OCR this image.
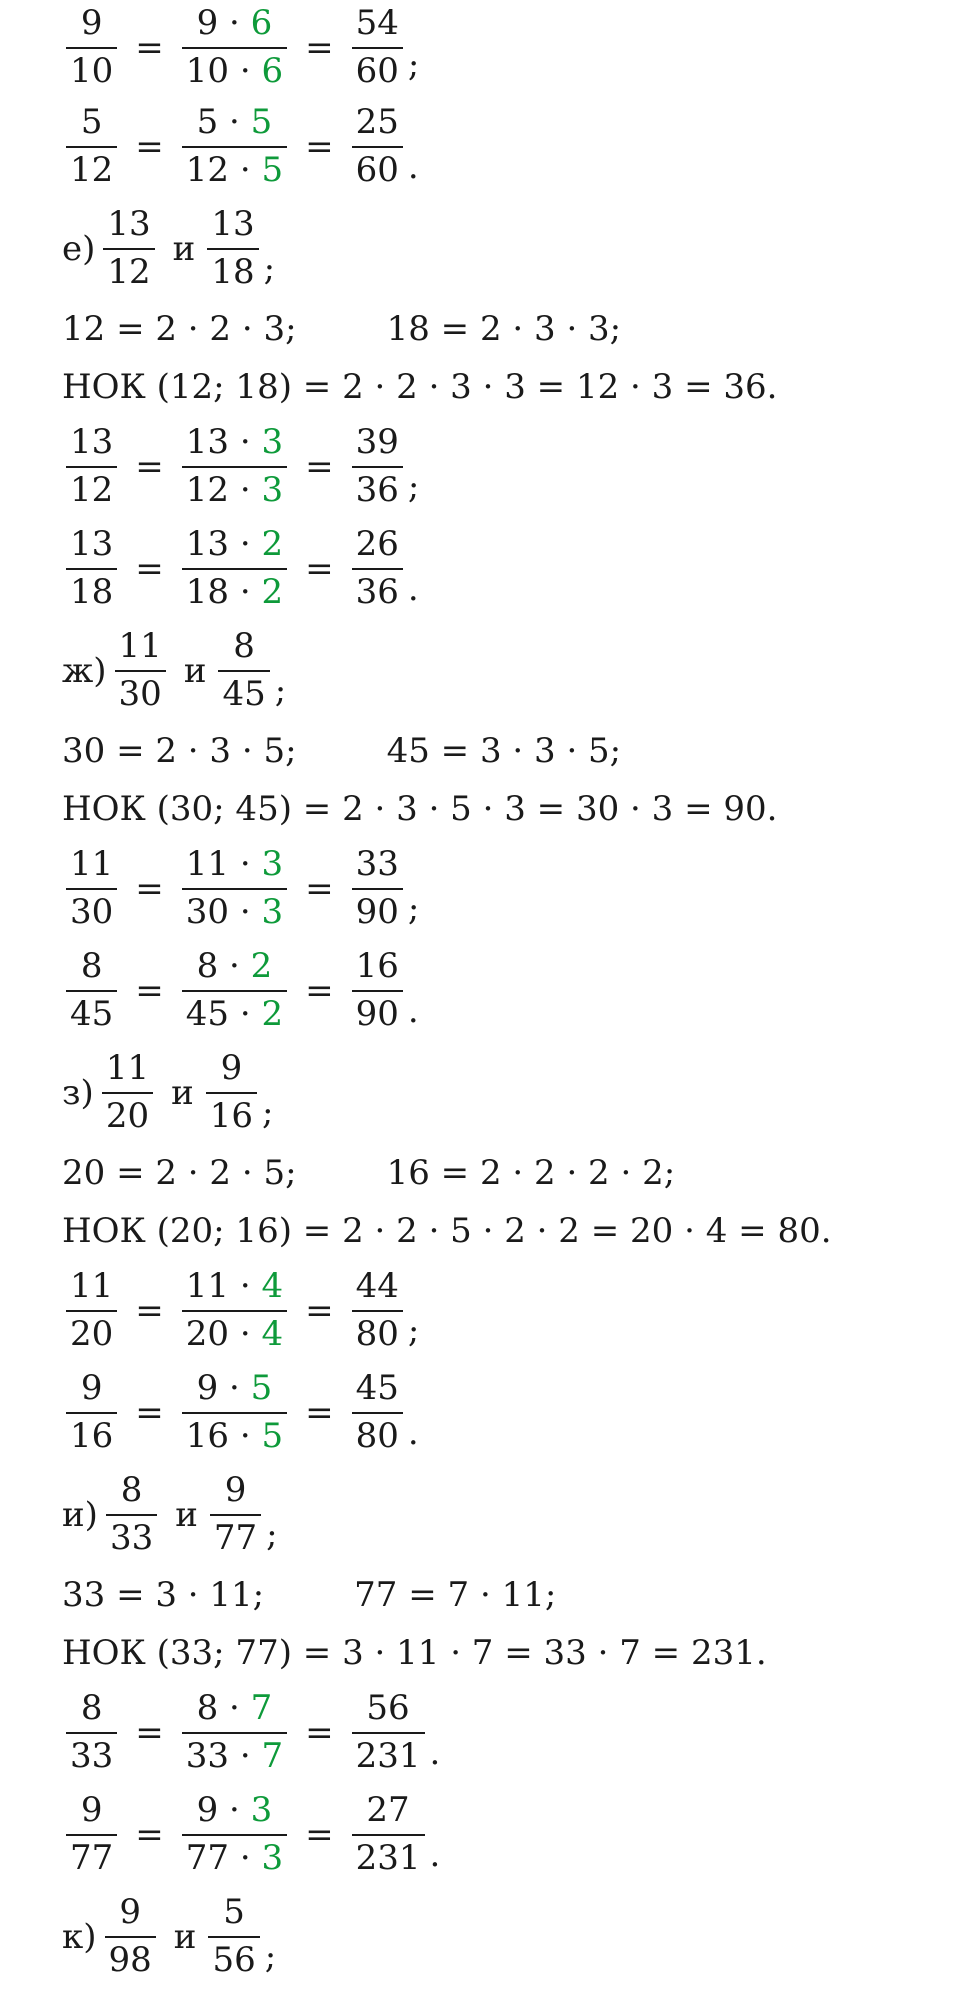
$\frac{9}{10} = \frac{9 \cdot 6}{10 \cdot 6} = \frac{54}{60}$ ;
$\frac{5}{12} = \frac{5 \cdot 5}{12 \cdot 5} = \frac{25}{60}$ .
$е) \frac{13}{12}$ и $\frac{13}{18}$ ;
12 = 2 · 2 · 3;	18 = 2 · 3 · 3;
НОК (12; 18) = 2 · 2 · 3 · 3 = 12 · 3 = 36.
$\frac{13}{12} = \frac{13 \cdot 3}{12 \cdot 3} = \frac{39}{36}$ ;
$\frac{13}{18} = \frac{13 \cdot 2}{18 \cdot 2} = \frac{26}{36}$ .
$ж) \frac{11}{30}$ и $\frac{8}{45}$ ;
30 = 2 · 3 · 5;	45 = 3 · 3 · 5;
НОК (30; 45) = 2 · 3 · 5 · 3 = 30 · 3 = 90.
$\frac{11}{30} = \frac{11 \cdot 3}{30 \cdot 3} = \frac{33}{90}$ ;
$\frac{8}{45} = \frac{8 \cdot 2}{45 \cdot 2} = \frac{16}{90}$ .
$з) \frac{11}{20}$ и $\frac{9}{16}$ ;
20 = 2 · 2 · 5;	16 = 2 · 2 · 2 · 2;
НОК (20; 16) = 2 · 2 · 5 · 2 · 2 = 20 · 4 = 80.
$\frac{11}{20} = \frac{11 \cdot 4}{20 \cdot 4} = \frac{44}{80}$ ;
$\frac{9}{16} = \frac{9 \cdot 5}{16 \cdot 5} = \frac{45}{80}$ .
$и) \frac{8}{33}$ и $\frac{9}{77}$ ;
33 = 3 · 11;	77 = 7 · 11;
НОК (33; 77) = 3 · 11 · 7 = 33 · 7 = 231.
$\frac{8}{33} = \frac{8 \cdot 7}{33 \cdot 7} = \frac{56}{231}$ .
$\frac{9}{77} = \frac{9 \cdot 3}{77 \cdot 3} = \frac{27}{231}$ .
$к) \frac{9}{98}$ и $\frac{5}{56}$ ;
